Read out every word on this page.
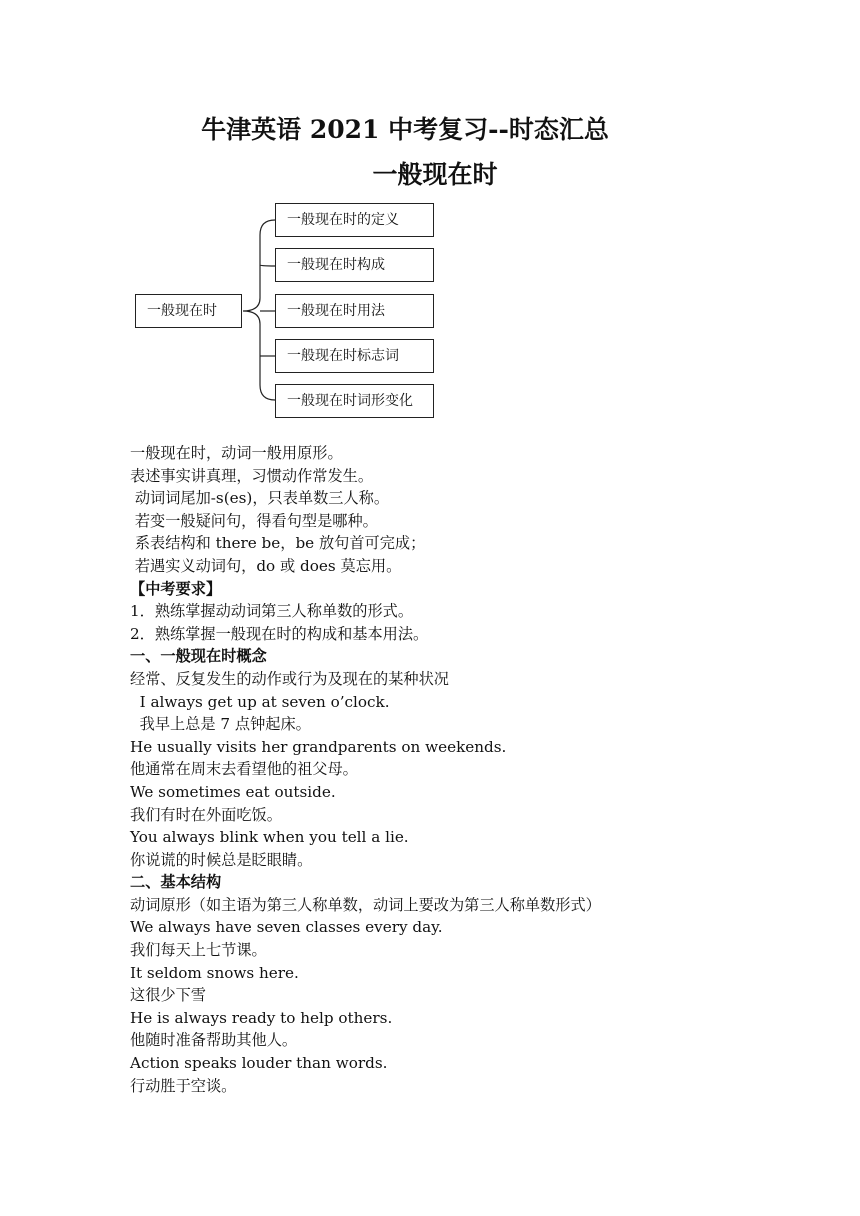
牛津英语 2021 中考复习--时态汇总
一般现在时
一般现在时
一般现在时的定义
一般现在时构成
一般现在时用法
一般现在时标志词
一般现在时词形变化
一般现在时，动词一般用原形。
表述事实讲真理，习惯动作常发生。
动词词尾加-s(es)，只表单数三人称。
若变一般疑问句，得看句型是哪种。
系表结构和 there be，be 放句首可完成；
若遇实义动词句，do 或 does 莫忘用。
【中考要求】
1．熟练掌握动动词第三人称单数的形式。
2．熟练掌握一般现在时的构成和基本用法。
一、一般现在时概念
经常、反复发生的动作或行为及现在的某种状况
I always get up at seven o’clock.
我早上总是 7 点钟起床。
He usually visits her grandparents on weekends.
他通常在周末去看望他的祖父母。
We sometimes eat outside.
我们有时在外面吃饭。
You always blink when you tell a lie.
你说谎的时候总是眨眼睛。
二、基本结构
动词原形（如主语为第三人称单数，动词上要改为第三人称单数形式）
We always have seven classes every day.
我们每天上七节课。
It seldom snows here.
这很少下雪
He is always ready to help others.
他随时准备帮助其他人。
Action speaks louder than words.
行动胜于空谈。
